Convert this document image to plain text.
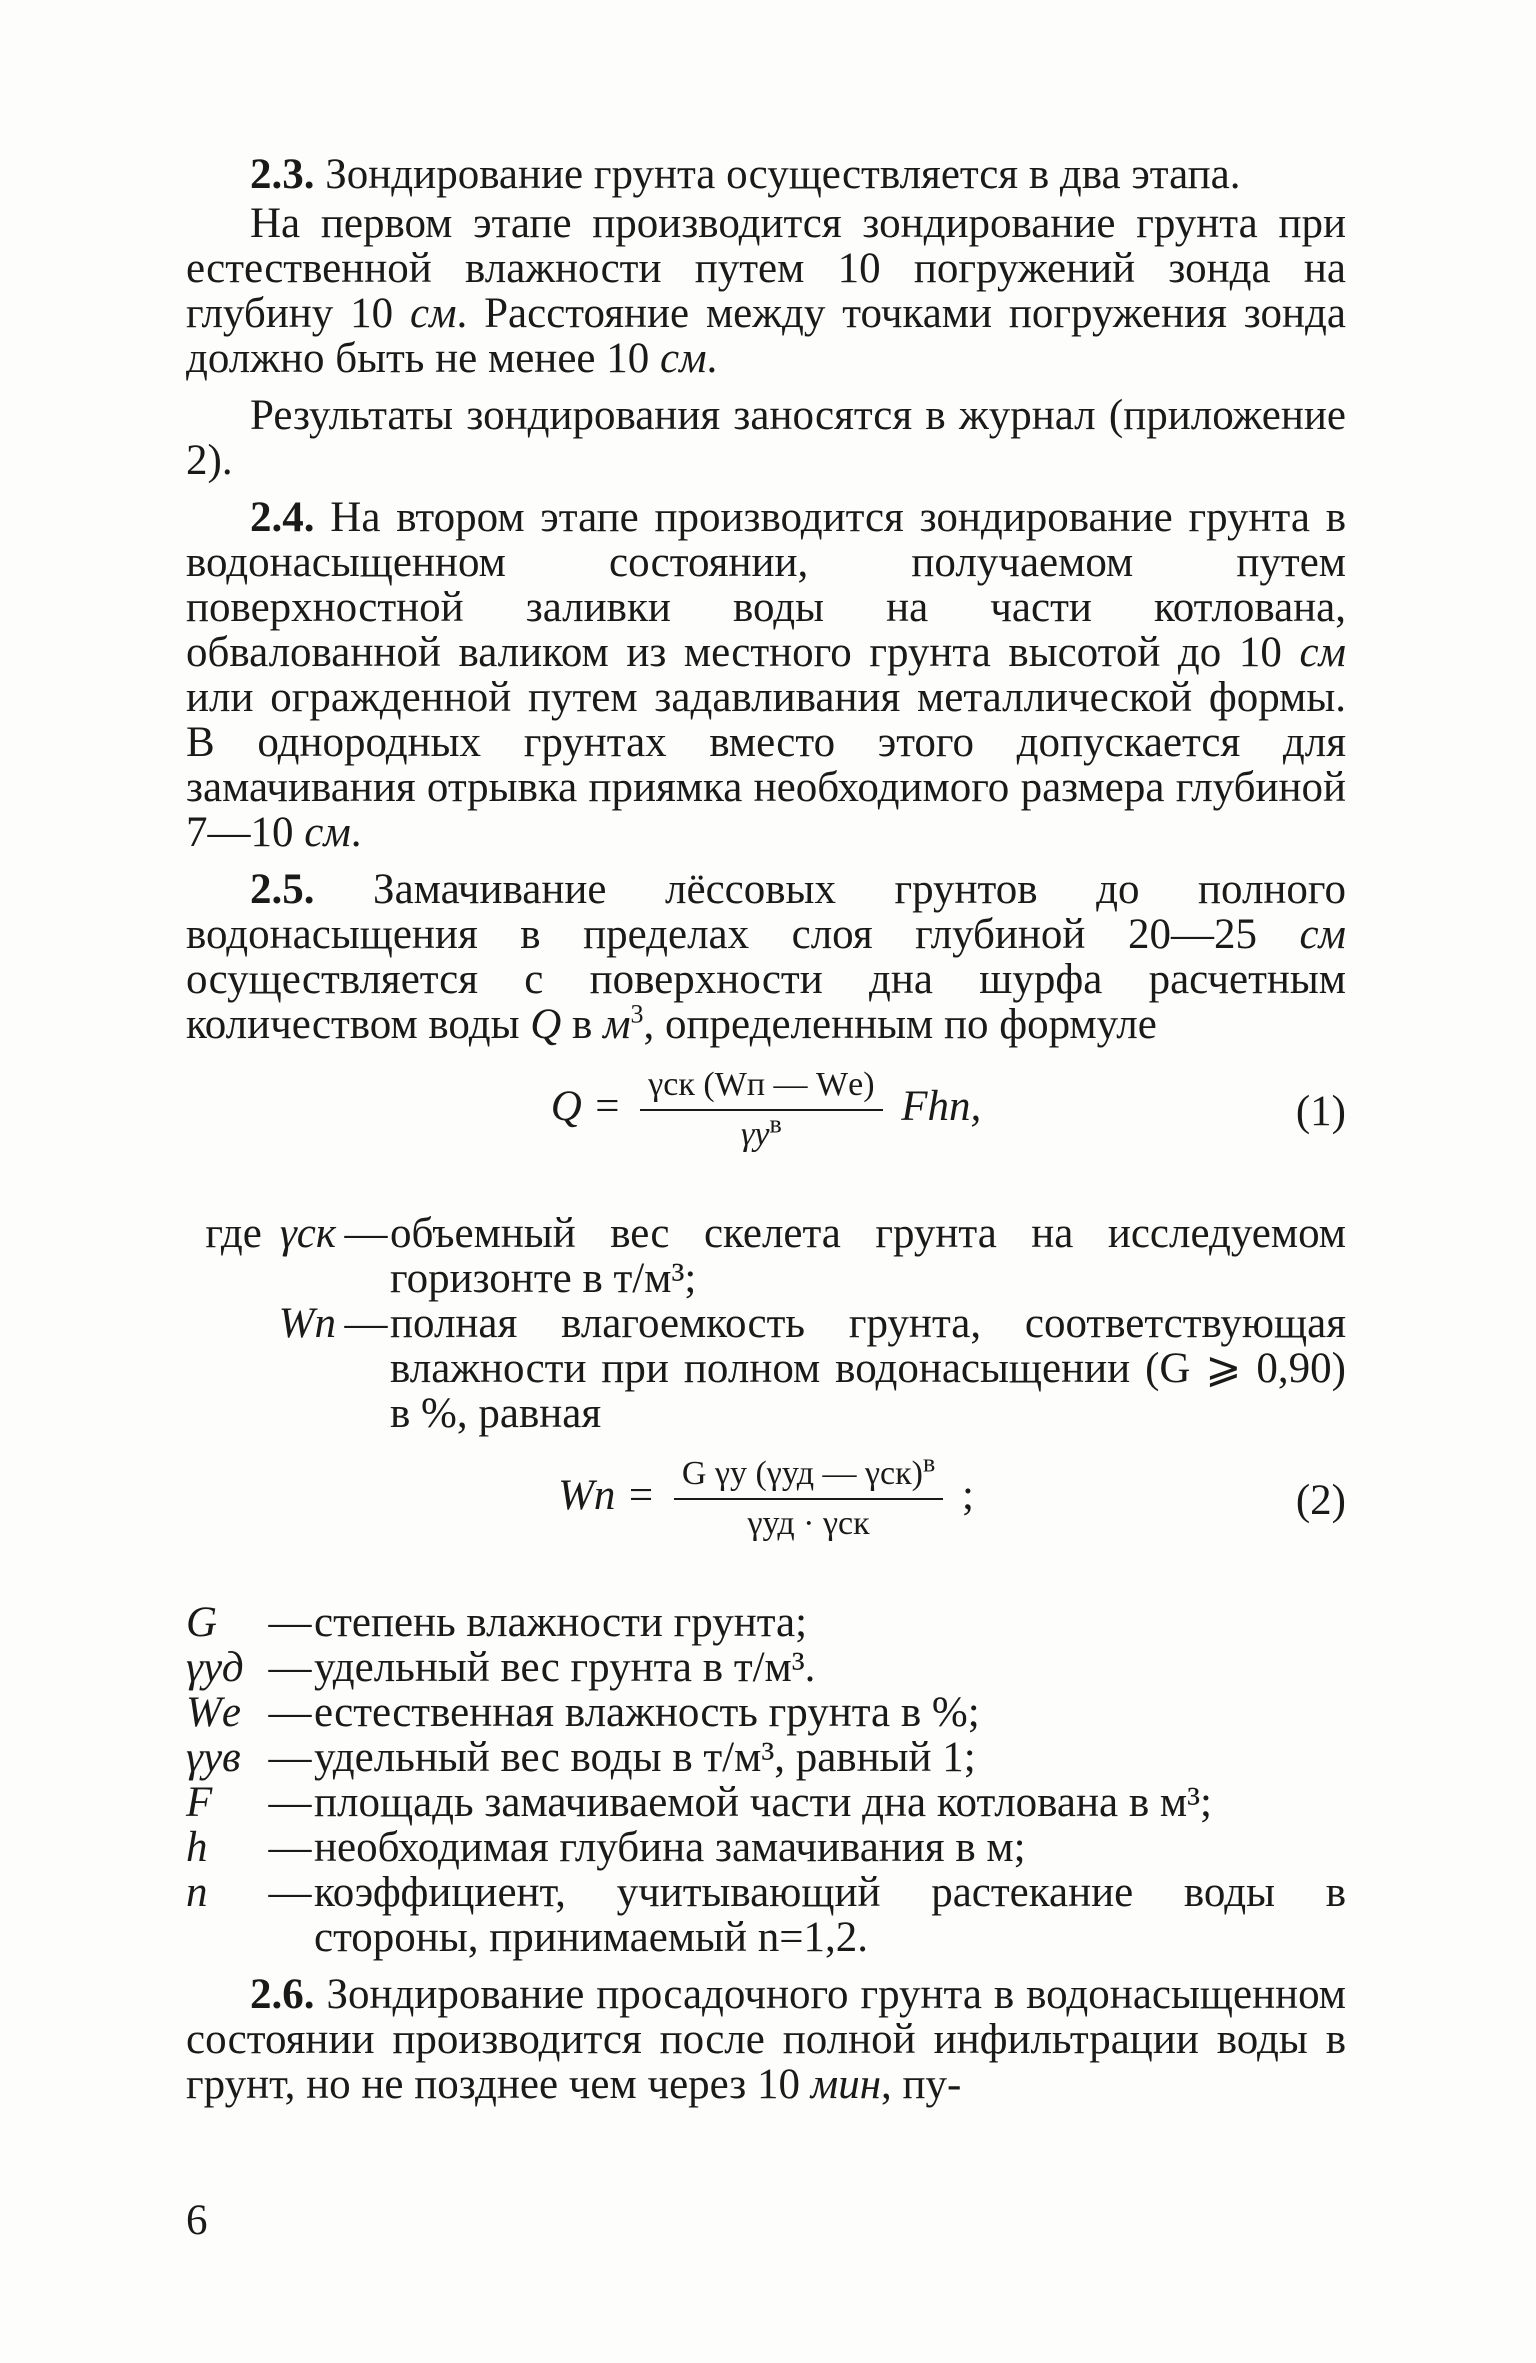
2.3. Зондирование грунта осуществляется в два этапа.

На первом этапе производится зондирование грунта при естественной влажности путем 10 погружений зонда на глубину 10 см. Расстояние между точками погружения зонда должно быть не менее 10 см.

Результаты зондирования заносятся в журнал (приложение 2).

2.4. На втором этапе производится зондирование грунта в водонасыщенном состоянии, получаемом путем поверхностной заливки воды на части котлована, обвалованной валиком из местного грунта высотой до 10 см или огражденной путем задавливания металлической формы. В однородных грунтах вместо этого допускается для замачивания отрывка приямка необходимого размера глубиной 7—10 см.

2.5. Замачивание лёссовых грунтов до полного водонасыщения в пределах слоя глубиной 20—25 см осуществляется с поверхности дна шурфа расчетным количеством воды Q в $м^3$, определенным по формуле

$Q = \frac{\text{γск (Wп — Wе)}}{\gamma у^в}$ Fhn,	(1)
где γск — объемный вес скелета грунта на исследуемом горизонте в т/м³;
Wп — полная влагоемкость грунта, соответствующая влажности при полном водонасыщении (G ⩾ 0,90) в %, равная
Wп = $\frac{G \gamma у (\gamma уд — \gamma ск)^в}{\text{γуд · γск}}$ ;	(2)
G	— степень влажности грунта;
γуд — удельный вес грунта в т/м³.
Wе — естественная влажность грунта в %;
γув — удельный вес воды в т/м³, равный 1;
F	— площадь замачиваемой части дна котлована в м³;
h	— необходимая глубина замачивания в м;
n	— коэффициент, учитывающий растекание воды в стороны, принимаемый n=1,2.

2.6. Зондирование просадочного грунта в водонасыщенном состоянии производится после полной инфильтрации воды в грунт, но не позднее чем через 10 мин, пу-

6
